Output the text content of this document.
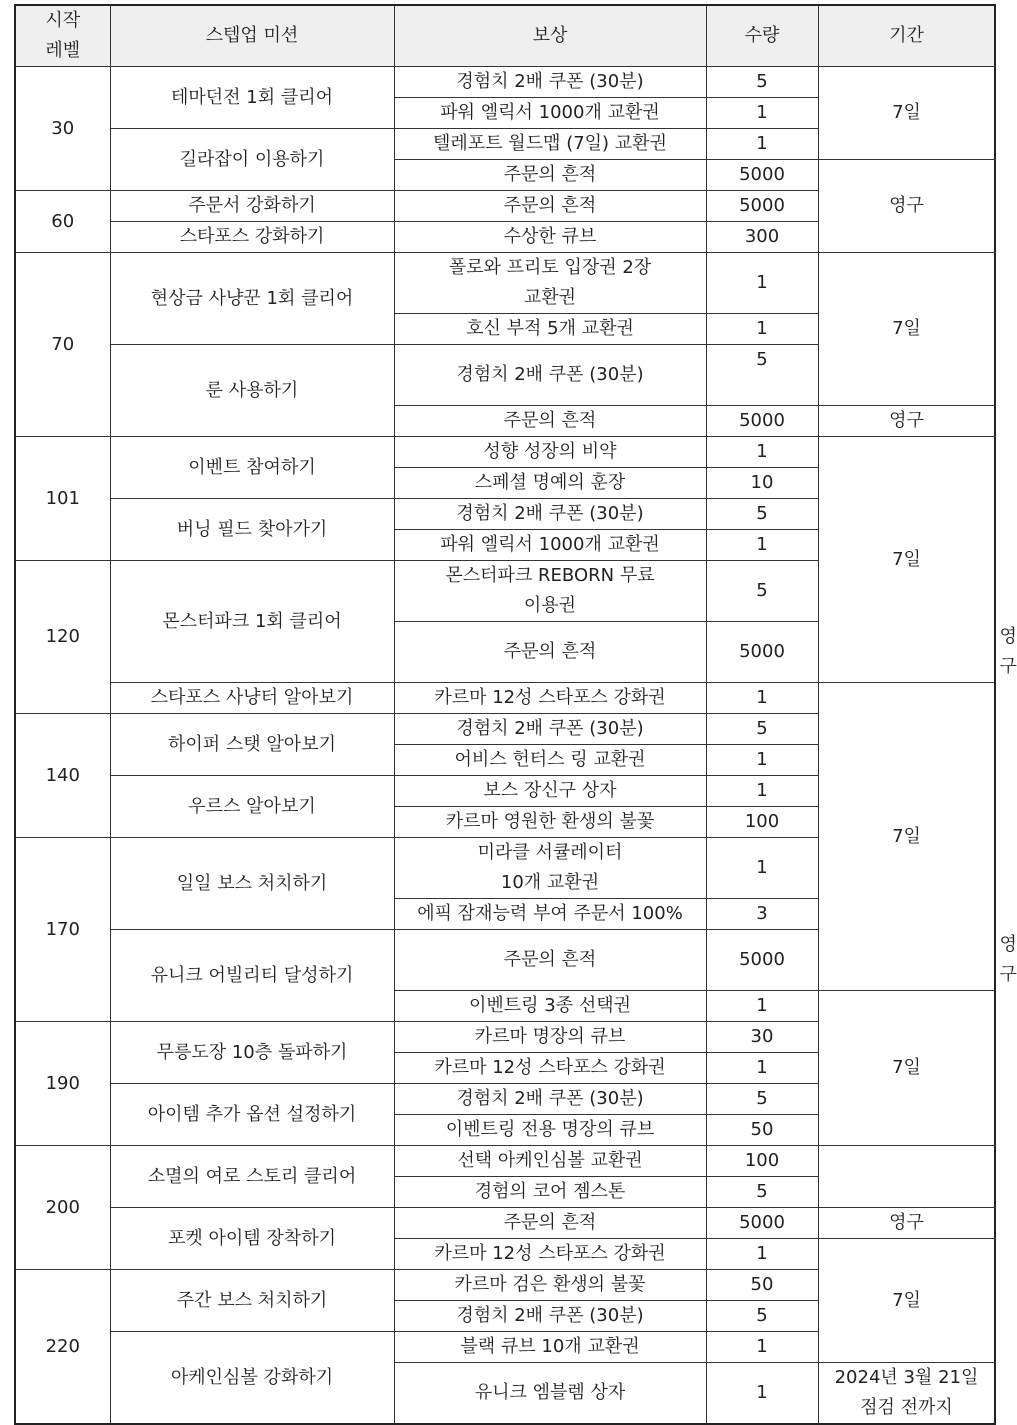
시작
레벨	스텝업 미션	보상	수량	기간	
30	테마던전 1회 클리어	경험치 2배 쿠폰 (30분)	5	7일	
		파워 엘릭서 1000개 교환권	1		
	길라잡이 이용하기	텔레포트 월드맵 (7일) 교환권	1		
		주문의 흔적	5000	영구	
60	주문서 강화하기	주문의 흔적	5000		
	스타포스 강화하기	수상한 큐브	300		
70	현상금 사냥꾼 1회 클리어	폴로와 프리토 입장권 2장
교환권	1	7일	
		호신 부적 5개 교환권	1		
	룬 사용하기	경험치 2배 쿠폰 (30분)	5		
		주문의 흔적	5000	영구	
101	이벤트 참여하기	성향 성장의 비약	1	7일	
		스페셜 명예의 훈장	10		
	버닝 필드 찾아가기	경험치 2배 쿠폰 (30분)	5		
		파워 엘릭서 1000개 교환권	1		
120	몬스터파크 1회 클리어	몬스터파크 REBORN 무료
이용권	5		
		주문의 흔적	5000		영구
	스타포스 사냥터 알아보기	카르마 12성 스타포스 강화권	1	7일	
140	하이퍼 스탯 알아보기	경험치 2배 쿠폰 (30분)	5		
		어비스 헌터스 링 교환권	1		
	우르스 알아보기	보스 장신구 상자	1		
		카르마 영원한 환생의 불꽃	100		
170	일일 보스 처치하기	미라클 서큘레이터
10개 교환권	1		
		에픽 잠재능력 부여 주문서 100%	3		
	유니크 어빌리티 달성하기	주문의 흔적	5000		영구
		이벤트링 3종 선택권	1	7일	
190	무릉도장 10층 돌파하기	카르마 명장의 큐브	30		
		카르마 12성 스타포스 강화권	1		
	아이템 추가 옵션 설정하기	경험치 2배 쿠폰 (30분)	5		
		이벤트링 전용 명장의 큐브	50		
200	소멸의 여로 스토리 클리어	선택 아케인심볼 교환권	100		
		경험의 코어 젬스톤	5		
	포켓 아이템 장착하기	주문의 흔적	5000	영구	
		카르마 12성 스타포스 강화권	1	7일	
220	주간 보스 처치하기	카르마 검은 환생의 불꽃	50		
		경험치 2배 쿠폰 (30분)	5		
	아케인심볼 강화하기	블랙 큐브 10개 교환권	1		
		유니크 엠블렘 상자	1	2024년 3월 21일
점검 전까지	
